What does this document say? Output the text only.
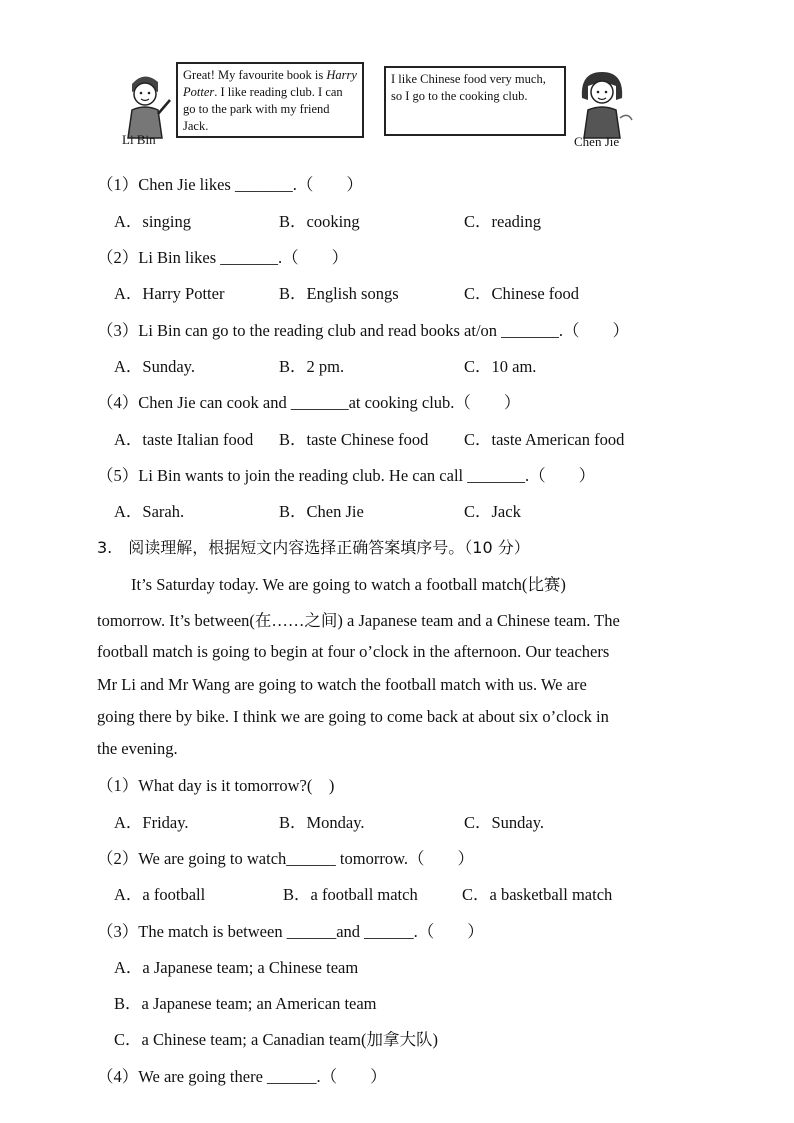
Li Bin
Great! My favourite book is Harry Potter. I like reading club. I can go to the park with my friend Jack.
I like Chinese food very much, so I go to the cooking club.
Chen Jie
（1）Chen Jie likes _______.（　　）
A．singing	B．cooking	C．reading
（2）Li Bin likes _______.（　　）
A．Harry Potter	B．English songs	C．Chinese food
（3）Li Bin can go to the reading club and read books at/on _______.（　　）
A．Sunday.	B．2 pm.	C．10 am.
（4）Chen Jie can cook and _______at cooking club.（　　）
A．taste Italian food B．taste Chinese food C．taste American food
（5）Li Bin wants to join the reading club. He can call _______.（　　）
A．Sarah.	B．Chen Jie	C．Jack
3.　阅读理解，根据短文内容选择正确答案填序号。（10 分）
It’s Saturday today. We are going to watch a football match(比赛)
tomorrow. It’s between(在……之间) a Japanese team and a Chinese team. The
football match is going to begin at four o’clock in the afternoon. Our teachers
Mr Li and Mr Wang are going to watch the football match with us. We are
going there by bike. I think we are going to come back at about six o’clock in
the evening.
（1）What day is it tomorrow?(　)
A．Friday.	B．Monday.	C．Sunday.
（2）We are going to watch______ tomorrow.（　　）
A．a football	B．a football match	C．a basketball match
（3）The match is between ______and ______.（　　）
A．a Japanese team; a Chinese team
B．a Japanese team; an American team
C．a Chinese team; a Canadian team(加拿大队)
（4）We are going there ______.（　　）
